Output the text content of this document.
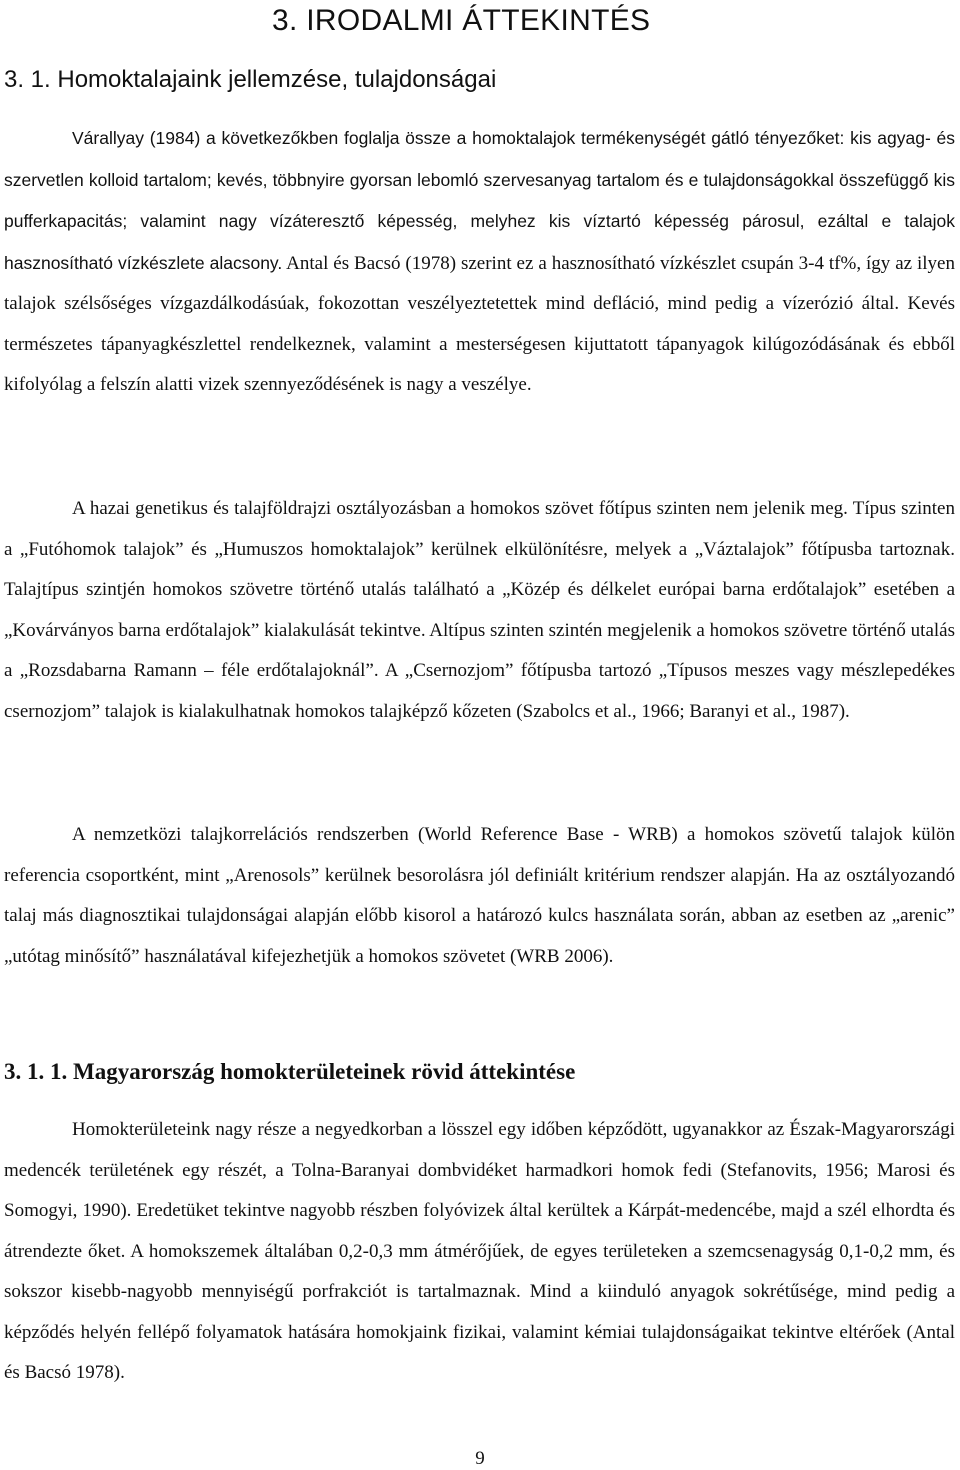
3. IRODALMI ÁTTEKINTÉS
3. 1. Homoktalajaink jellemzése, tulajdonságai

Várallyay (1984) a következőkben foglalja össze a homoktalajok termékenységét gátló tényezőket: kis agyag- és szervetlen kolloid tartalom; kevés, többnyire gyorsan lebomló szervesanyag tartalom és e tulajdonságokkal összefüggő kis pufferkapacitás; valamint nagy vízáteresztő képesség, melyhez kis víztartó képesség párosul, ezáltal e talajok hasznosítható vízkészlete alacsony. Antal és Bacsó (1978) szerint ez a hasznosítható vízkészlet csupán 3-4 tf%, így az ilyen talajok szélsőséges vízgazdálkodásúak, fokozottan veszélyeztetettek mind defláció, mind pedig a vízerózió által. Kevés természetes tápanyagkészlettel rendelkeznek, valamint a mesterségesen kijuttatott tápanyagok kilúgozódásának és ebből kifolyólag a felszín alatti vizek szennyeződésének is nagy a veszélye.

A hazai genetikus és talajföldrajzi osztályozásban a homokos szövet főtípus szinten nem jelenik meg. Típus szinten a „Futóhomok talajok” és „Humuszos homoktalajok” kerülnek elkülönítésre, melyek a „Váztalajok” főtípusba tartoznak. Talajtípus szintjén homokos szövetre történő utalás található a „Közép és délkelet európai barna erdőtalajok” esetében a „Kovárványos barna erdőtalajok” kialakulását tekintve. Altípus szinten szintén megjelenik a homokos szövetre történő utalás a „Rozsdabarna Ramann – féle erdőtalajoknál”. A „Csernozjom” főtípusba tartozó „Típusos meszes vagy mészlepedékes csernozjom” talajok is kialakulhatnak homokos talajképző kőzeten (Szabolcs et al., 1966; Baranyi et al., 1987).

A nemzetközi talajkorrelációs rendszerben (World Reference Base - WRB) a homokos szövetű talajok külön referencia csoportként, mint „Arenosols” kerülnek besorolásra jól definiált kritérium rendszer alapján. Ha az osztályozandó talaj más diagnosztikai tulajdonságai alapján előbb kisorol a határozó kulcs használata során, abban az esetben az „arenic” „utótag minősítő” használatával kifejezhetjük a homokos szövetet (WRB 2006).

3. 1. 1. Magyarország homokterületeinek rövid áttekintése

Homokterületeink nagy része a negyedkorban a lösszel egy időben képződött, ugyanakkor az Észak-Magyarországi medencék területének egy részét, a Tolna-Baranyai dombvidéket harmadkori homok fedi (Stefanovits, 1956; Marosi és Somogyi, 1990). Eredetüket tekintve nagyobb részben folyóvizek által kerültek a Kárpát-medencébe, majd a szél elhordta és átrendezte őket. A homokszemek általában 0,2-0,3 mm átmérőjűek, de egyes területeken a szemcsenagyság 0,1-0,2 mm, és sokszor kisebb-nagyobb mennyiségű porfrakciót is tartalmaznak. Mind a kiinduló anyagok sokrétűsége, mind pedig a képződés helyén fellépő folyamatok hatására homokjaink fizikai, valamint kémiai tulajdonságaikat tekintve eltérőek (Antal és Bacsó 1978).

9
